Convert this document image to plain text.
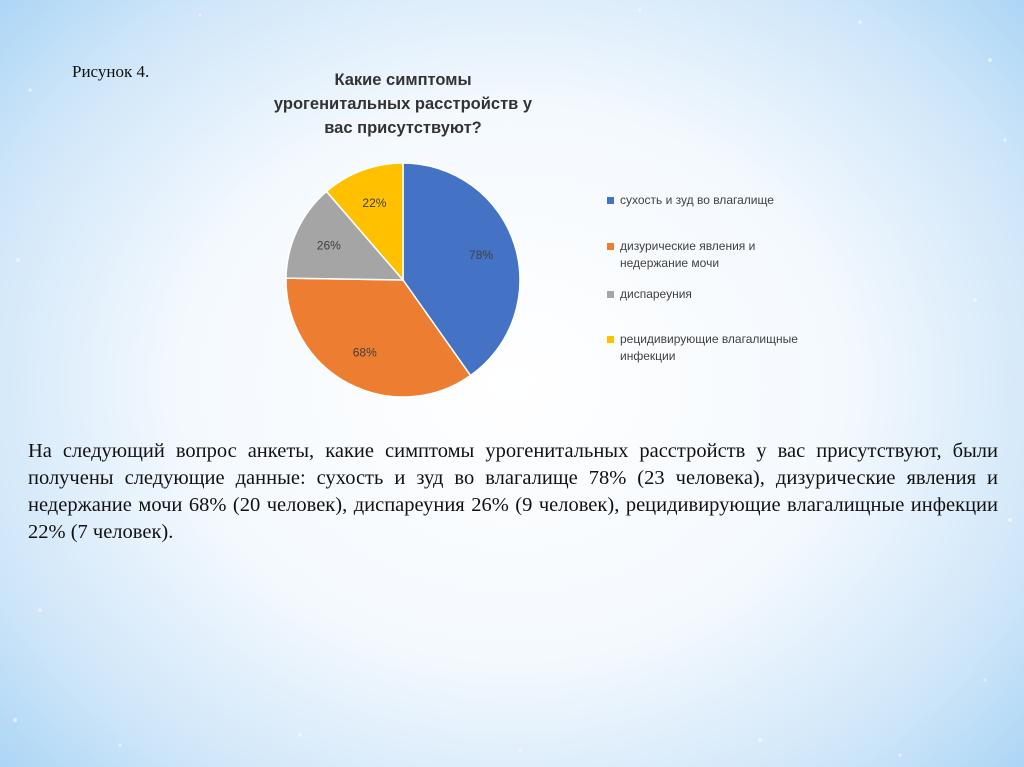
Рисунок 4.	Какие симптомы урогенитальных расстройств у вас присутствуют?
78%
68%
26%
22%	сухость и зуд во влагалище
дизурические явления и недержание мочи
диспареуния
рецидивирующие влагалищные инфекции
На следующий вопрос анкеты, какие симптомы урогенитальных расстройств у вас присутствуют, были получены следующие данные: сухость и зуд во влагалище 78% (23 человека), дизурические явления и недержание мочи 68% (20 человек), диспареуния 26% (9 человек), рецидивирующие влагалищные инфекции 22% (7 человек).
